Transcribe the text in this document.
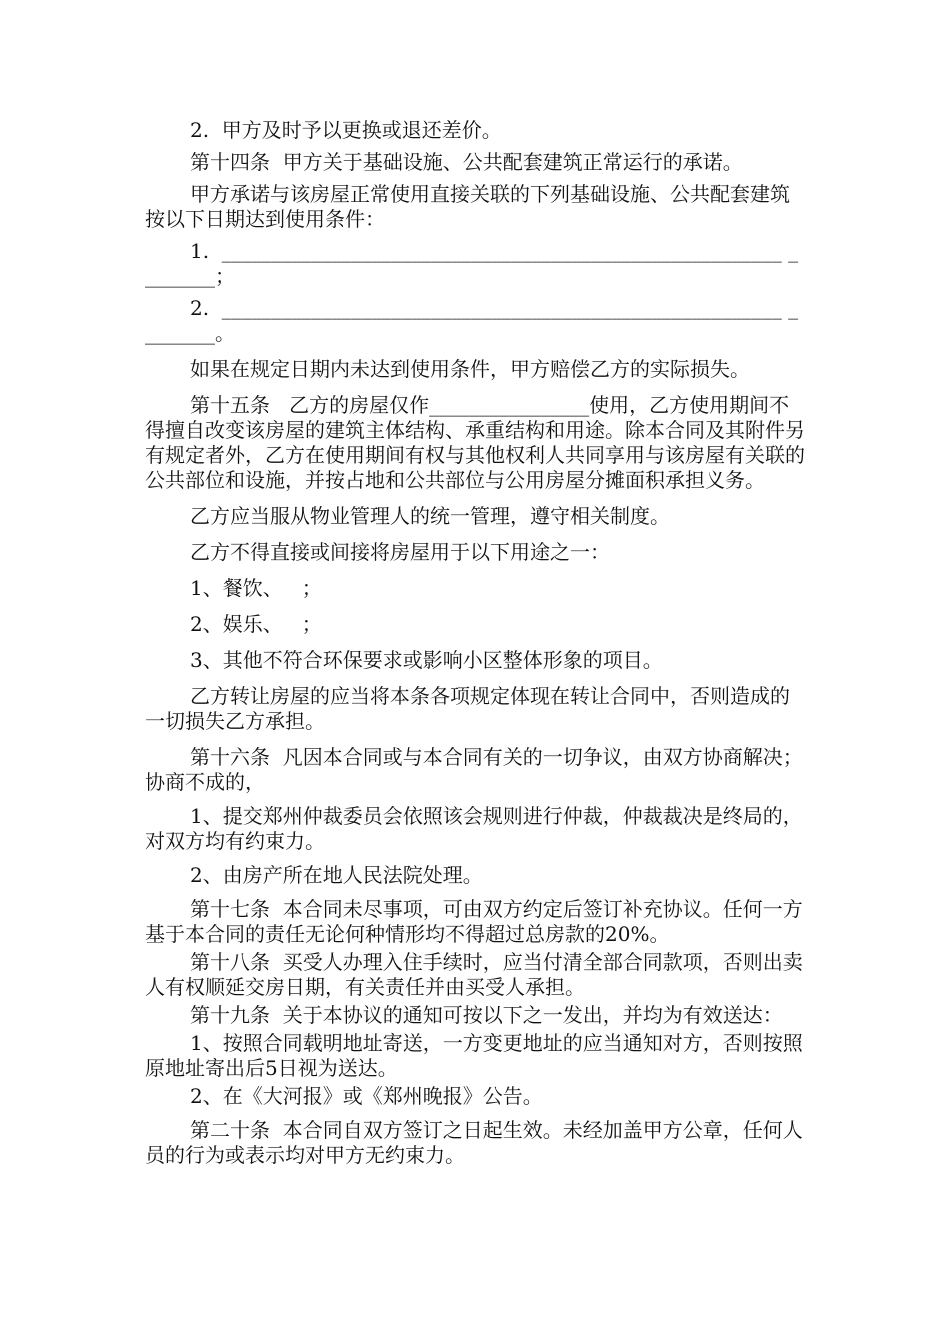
2.  甲方及时予以更换或退还差价。

第十四条  甲方关于基础设施、公共配套建筑正常运行的承诺。

甲方承诺与该房屋正常使用直接关联的下列基础设施、公共配套建筑按以下日期达到使用条件：

1.  ________________________________________________________ ________；

2.  ________________________________________________________ ________。

如果在规定日期内未达到使用条件，甲方赔偿乙方的实际损失。

第十五条   乙方的房屋仅作________________使用，乙方使用期间不得擅自改变该房屋的建筑主体结构、承重结构和用途。除本合同及其附件另有规定者外，乙方在使用期间有权与其他权利人共同享用与该房屋有关联的公共部位和设施，并按占地和公共部位与公用房屋分摊面积承担义务。

乙方应当服从物业管理人的统一管理，遵守相关制度。

乙方不得直接或间接将房屋用于以下用途之一：

1、餐饮、   ；

2、娱乐、   ；

3、其他不符合环保要求或影响小区整体形象的项目。

乙方转让房屋的应当将本条各项规定体现在转让合同中，否则造成的一切损失乙方承担。

第十六条  凡因本合同或与本合同有关的一切争议，由双方协商解决；协商不成的，

1、提交郑州仲裁委员会依照该会规则进行仲裁，仲裁裁决是终局的，对双方均有约束力。

2、由房产所在地人民法院处理。

第十七条  本合同未尽事项，可由双方约定后签订补充协议。任何一方基于本合同的责任无论何种情形均不得超过总房款的20%。

第十八条  买受人办理入住手续时，应当付清全部合同款项，否则出卖人有权顺延交房日期，有关责任并由买受人承担。

第十九条  关于本协议的通知可按以下之一发出，并均为有效送达：

1、按照合同载明地址寄送，一方变更地址的应当通知对方，否则按照原地址寄出后5日视为送达。

2、在《大河报》或《郑州晚报》公告。

第二十条  本合同自双方签订之日起生效。未经加盖甲方公章，任何人员的行为或表示均对甲方无约束力。
